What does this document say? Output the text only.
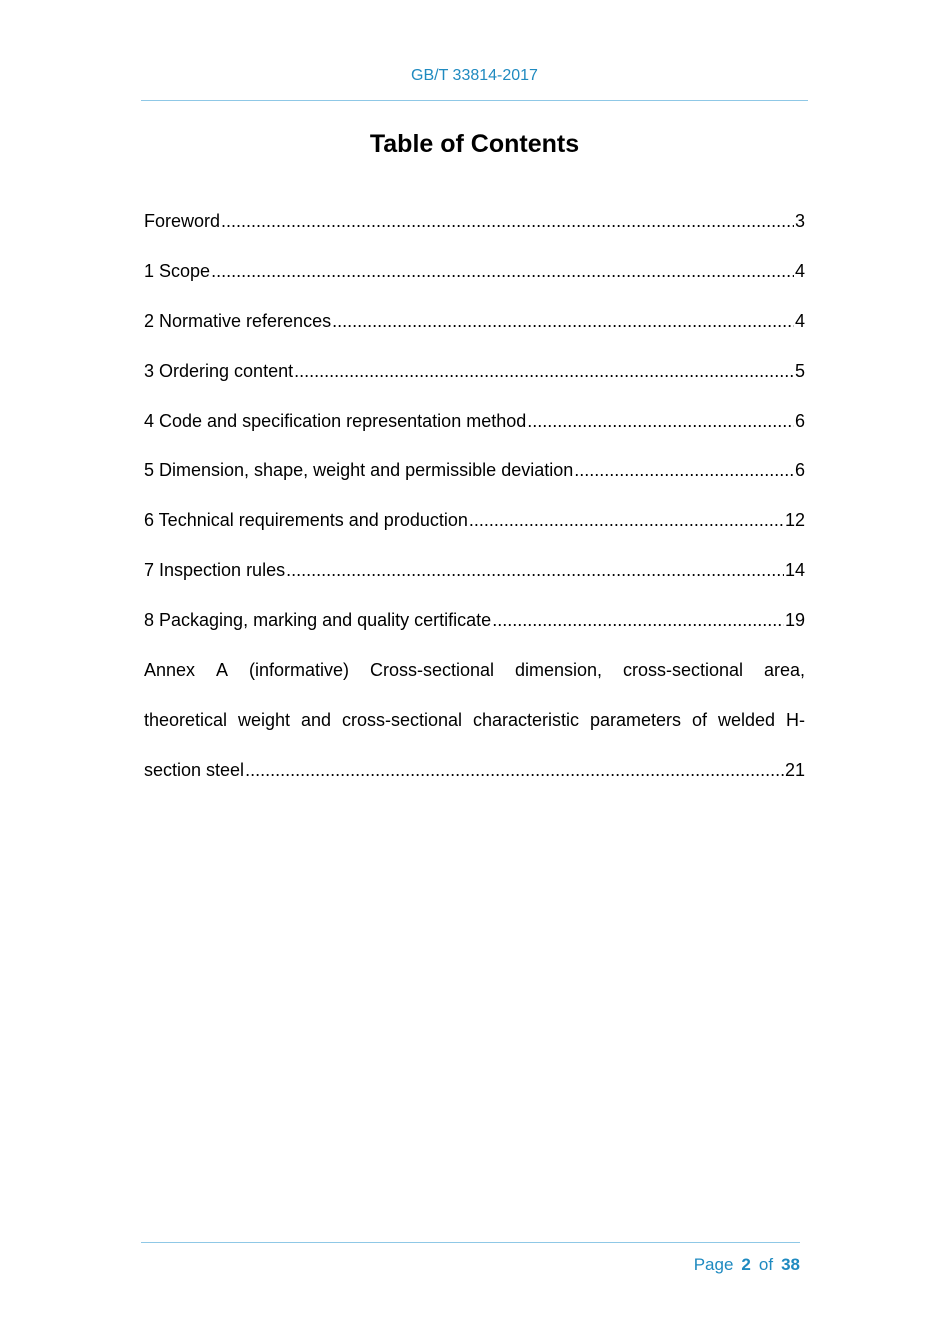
GB/T 33814-2017
Table of Contents
Foreword .....	3
1 Scope .....	4
2 Normative references .....	4
3 Ordering content .....	5
4 Code and specification representation method .....	6
5 Dimension, shape, weight and permissible deviation .....	6
6 Technical requirements and production .....	12
7 Inspection rules .....	14
8 Packaging, marking and quality certificate .....	19
Annex A (informative) Cross-sectional dimension, cross-sectional area,
theoretical weight and cross-sectional characteristic parameters of welded H-
section steel .....	21
Page 2 of 38
